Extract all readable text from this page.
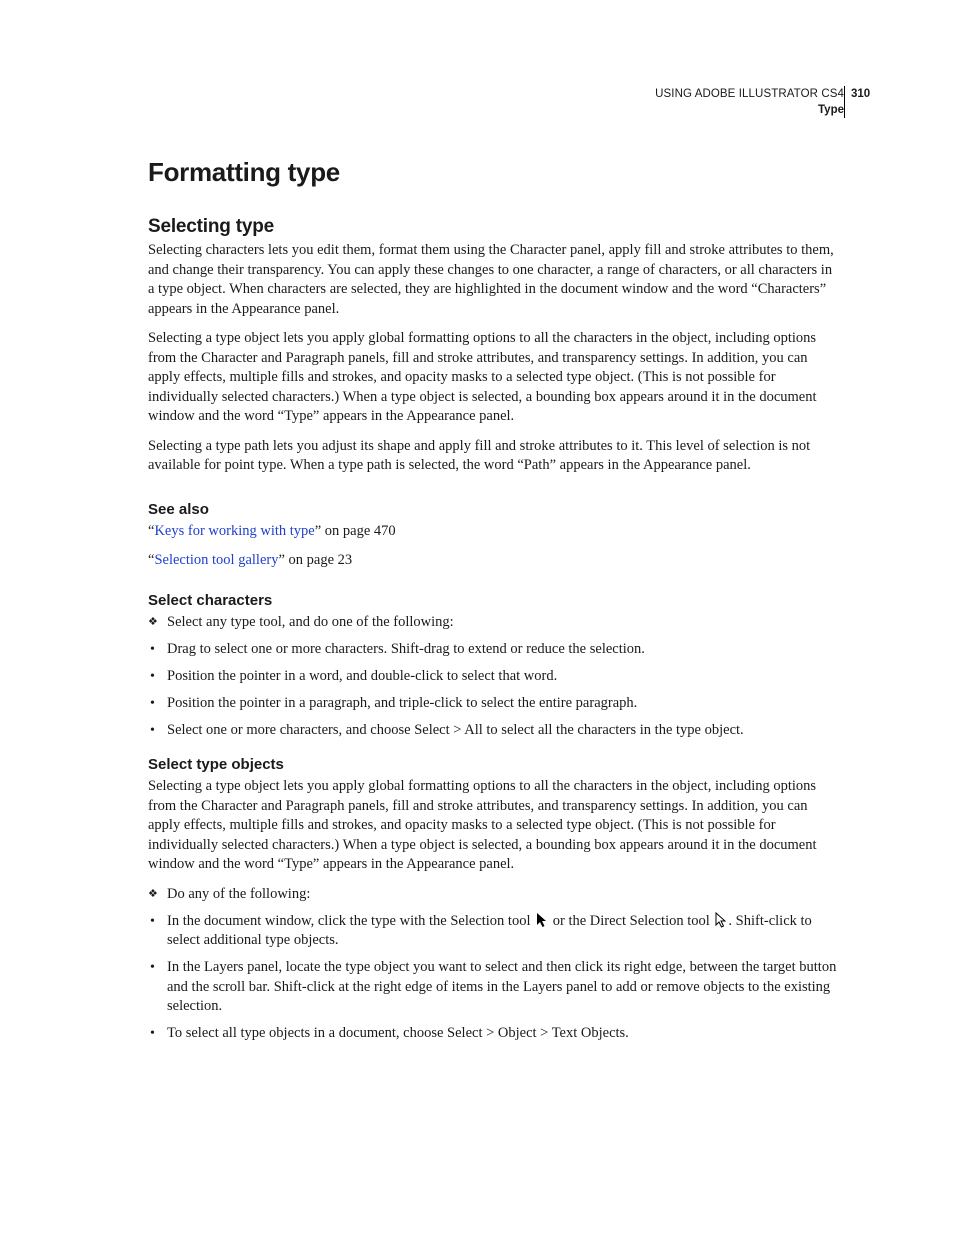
USING ADOBE ILLUSTRATOR CS4
Type
310
Formatting type
Selecting type

Selecting characters lets you edit them, format them using the Character panel, apply fill and stroke attributes to them, and change their transparency. You can apply these changes to one character, a range of characters, or all characters in a type object. When characters are selected, they are highlighted in the document window and the word “Characters” appears in the Appearance panel.

Selecting a type object lets you apply global formatting options to all the characters in the object, including options from the Character and Paragraph panels, fill and stroke attributes, and transparency settings. In addition, you can apply effects, multiple fills and strokes, and opacity masks to a selected type object. (This is not possible for individually selected characters.) When a type object is selected, a bounding box appears around it in the document window and the word “Type” appears in the Appearance panel.

Selecting a type path lets you adjust its shape and apply fill and stroke attributes to it. This level of selection is not available for point type. When a type path is selected, the word “Path” appears in the Appearance panel.

See also

“Keys for working with type” on page 470

“Selection tool gallery” on page 23

Select characters
❖ Select any type tool, and do one of the following:
• Drag to select one or more characters. Shift-drag to extend or reduce the selection.
• Position the pointer in a word, and double-click to select that word.
• Position the pointer in a paragraph, and triple-click to select the entire paragraph.
• Select one or more characters, and choose Select > All to select all the characters in the type object.
Select type objects

Selecting a type object lets you apply global formatting options to all the characters in the object, including options from the Character and Paragraph panels, fill and stroke attributes, and transparency settings. In addition, you can apply effects, multiple fills and strokes, and opacity masks to a selected type object. (This is not possible for individually selected characters.) When a type object is selected, a bounding box appears around it in the document window and the word “Type” appears in the Appearance panel.

❖ Do any of the following:
• In the document window, click the type with the Selection tool  or the Direct Selection tool . Shift-click to select additional type objects.
• In the Layers panel, locate the type object you want to select and then click its right edge, between the target button and the scroll bar. Shift-click at the right edge of items in the Layers panel to add or remove objects to the existing selection.
• To select all type objects in a document, choose Select > Object > Text Objects.
